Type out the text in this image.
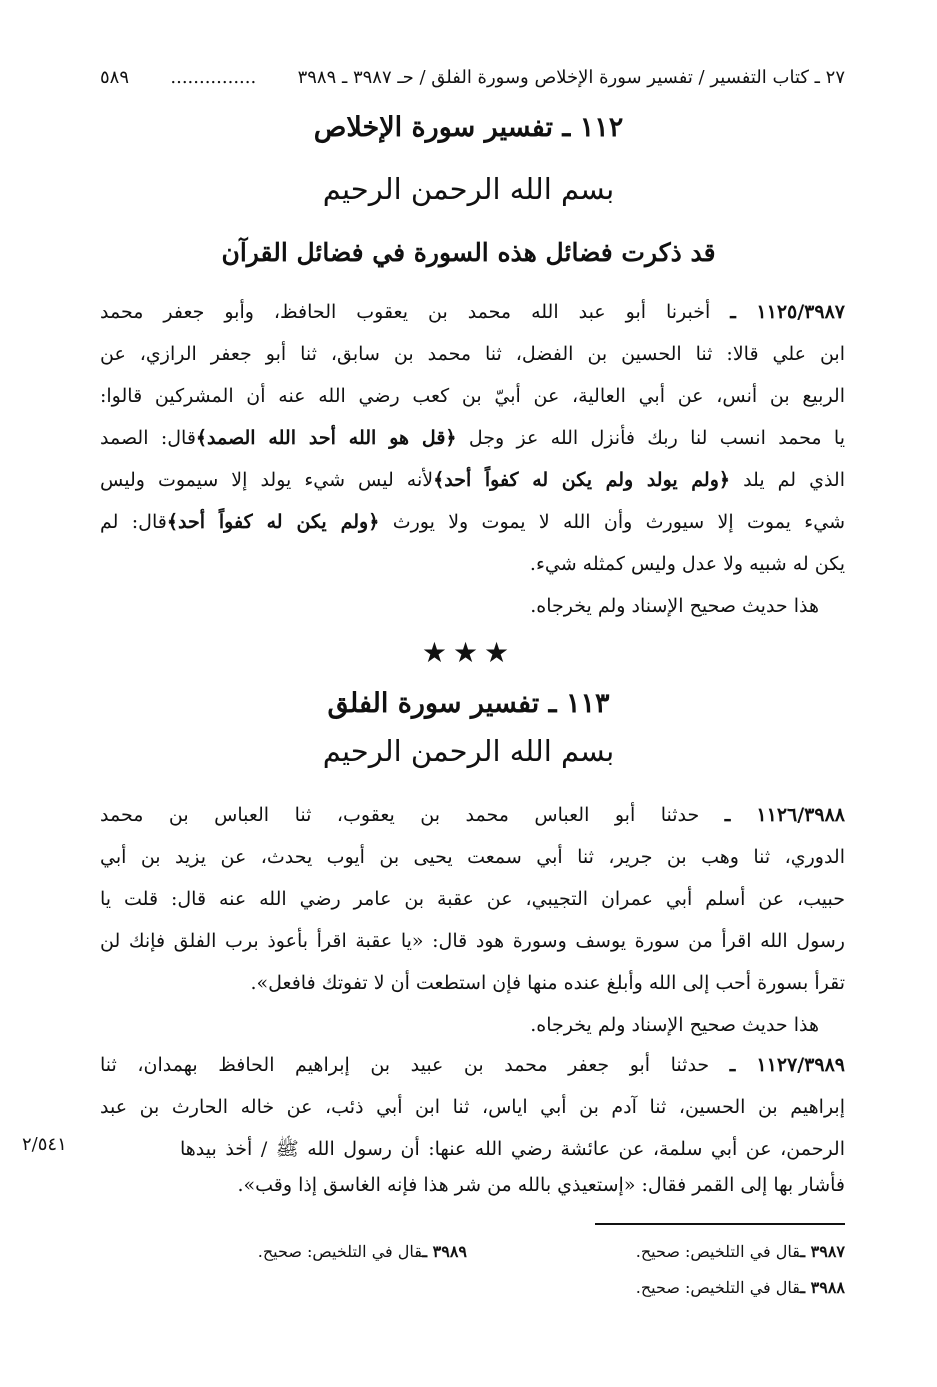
٢٧ ـ كتاب التفسير / تفسير سورة الإخلاص وسورة الفلق / حـ ٣٩٨٧ ـ ٣٩٨٩
...............
٥٨٩
١١٢ ـ تفسير سورة الإخلاص
بسم الله الرحمن الرحيم
قد ذكرت فضائل هذه السورة في فضائل القرآن
١١٢٥/٣٩٨٧ ـ أخبرنا أبو عبد الله محمد بن يعقوب الحافظ، وأبو جعفر محمد
ابن علي قالا: ثنا الحسين بن الفضل، ثنا محمد بن سابق، ثنا أبو جعفر الرازي، عن
الربيع بن أنس، عن أبي العالية، عن أبيّ بن كعب رضي الله عنه أن المشركين قالوا:
يا محمد انسب لنا ربك فأنزل الله عز وجل ﴿قل هو الله أحد الله الصمد﴾قال: الصمد
الذي لم يلد ﴿ولم يولد ولم يكن له كفواً أحد﴾لأنه ليس شيء يولد إلا سيموت وليس
شيء يموت إلا سيورث وأن الله لا يموت ولا يورث ﴿ولم يكن له كفواً أحد﴾قال: لم
يكن له شبيه ولا عدل وليس كمثله شيء.
هذا حديث صحيح الإسناد ولم يخرجاه.
★★★
١١٣ ـ تفسير سورة الفلق
بسم الله الرحمن الرحيم
١١٢٦/٣٩٨٨ ـ حدثنا أبو العباس محمد بن يعقوب، ثنا العباس بن محمد
الدوري، ثنا وهب بن جرير، ثنا أبي سمعت يحيى بن أيوب يحدث، عن يزيد بن أبي
حبيب، عن أسلم أبي عمران التجيبي، عن عقبة بن عامر رضي الله عنه قال: قلت يا
رسول الله اقرأ من سورة يوسف وسورة هود قال: «يا عقبة اقرأ بأعوذ برب الفلق فإنك لن
تقرأ بسورة أحب إلى الله وأبلغ عنده منها فإن استطعت أن لا تفوتك فافعل».
هذا حديث صحيح الإسناد ولم يخرجاه.
١١٢٧/٣٩٨٩ ـ حدثنا أبو جعفر محمد بن عبيد بن إبراهيم الحافظ بهمدان، ثنا
إبراهيم بن الحسين، ثنا آدم بن أبي اياس، ثنا ابن أبي ذئب، عن خاله الحارث بن عبد
الرحمن، عن أبي سلمة، عن عائشة رضي الله عنها: أن رسول الله ﷺ / أخذ بيدها
٢/٥٤١
فأشار بها إلى القمر فقال: «إستعيذي بالله من شر هذا فإنه الغاسق إذا وقب».
٣٩٨٧ ـقال في التلخيص: صحيح.
٣٩٨٩ ـقال في التلخيص: صحيح.
٣٩٨٨ ـقال في التلخيص: صحيح.
